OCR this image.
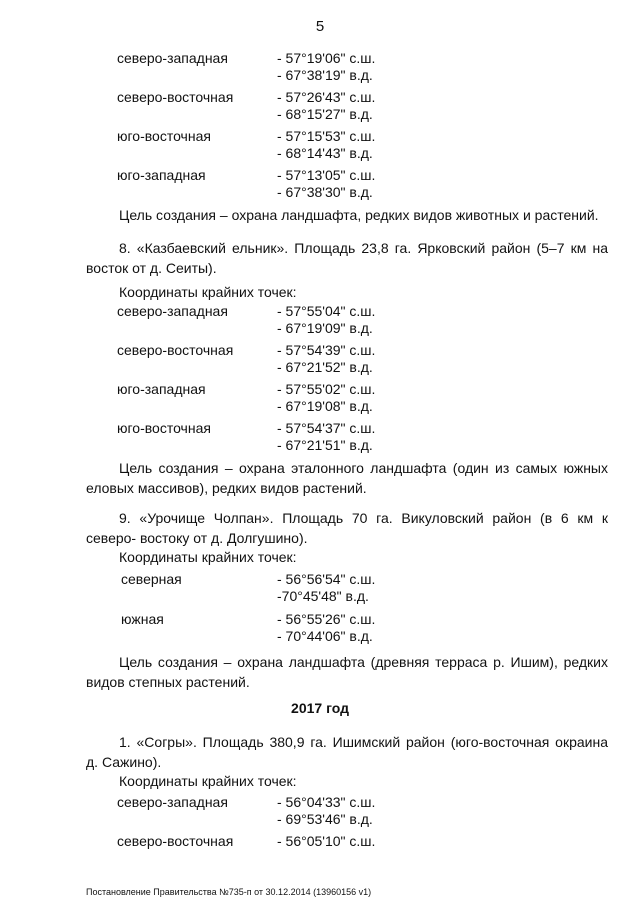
5
северо-западная	- 57°19'06" с.ш.
- 67°38'19" в.д.
северо-восточная	- 57°26'43" с.ш.
- 68°15'27" в.д.
юго-восточная	- 57°15'53" с.ш.
- 68°14'43" в.д.
юго-западная	- 57°13'05" с.ш.
- 67°38'30" в.д.
Цель создания – охрана ландшафта, редких видов животных и растений.
8. «Казбаевский ельник». Площадь 23,8 га. Ярковский район (5–7 км на восток от д. Сеиты).
Координаты крайних точек:
северо-западная	- 57°55'04" с.ш.
- 67°19'09" в.д.
северо-восточная	- 57°54'39" с.ш.
- 67°21'52" в.д.
юго-западная	- 57°55'02" с.ш.
- 67°19'08" в.д.
юго-восточная	- 57°54'37" с.ш.
- 67°21'51" в.д.
Цель создания – охрана эталонного ландшафта (один из самых южных еловых массивов), редких видов растений.
9. «Урочище Чолпан». Площадь 70 га. Викуловский район (в 6 км к северо- востоку от д. Долгушино).
Координаты крайних точек:
северная	- 56°56'54" с.ш.
-70°45'48" в.д.
южная	- 56°55'26" с.ш.
- 70°44'06" в.д.
Цель создания – охрана ландшафта (древняя терраса р. Ишим), редких видов степных растений.
2017 год
1. «Согры». Площадь 380,9 га. Ишимский район (юго-восточная окраина д. Сажино).
Координаты крайних точек:
северо-западная	- 56°04'33" с.ш.
- 69°53'46" в.д.
северо-восточная	- 56°05'10" с.ш.
Постановление Правительства №735-п от 30.12.2014 (13960156 v1)
